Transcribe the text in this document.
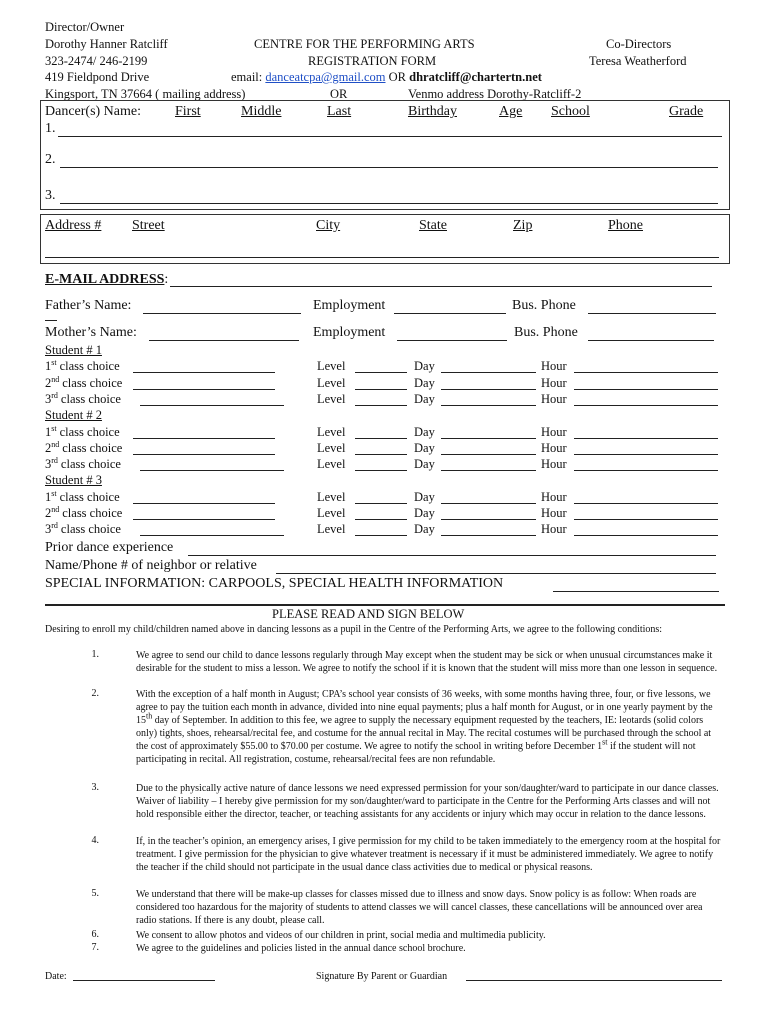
Director/Owner
Dorothy Hanner Ratcliff
323-2474/ 246-2199
419 Fieldpond Drive
Kingsport, TN 37664 ( mailing address)
CENTRE FOR THE PERFORMING ARTS
REGISTRATION FORM
email: danceatcpa@gmail.com OR dhratcliff@chartertn.net
OR	Venmo address Dorothy-Ratcliff-2
Co-Directors
Teresa Weatherford
Dancer(s) Name: First	Middle	Last	Birthday	Age School	Grade
1.
2.
3.
Address # Street	City	State	Zip	Phone
E-MAIL ADDRESS:
Father’s Name:	Employment	Bus. Phone
Mother’s Name:	Employment	Bus. Phone
Student # 1
1st class choice	Level	Day	Hour
2nd class choice	Level	Day	Hour
3rd class choice	Level	Day	Hour
Student # 2
1st class choice	Level	Day	Hour
2nd class choice	Level	Day	Hour
3rd class choice	Level	Day	Hour
Student # 3
1st class choice	Level	Day	Hour
2nd class choice	Level	Day	Hour
3rd class choice	Level	Day	Hour
Prior dance experience
Name/Phone # of neighbor or relative
SPECIAL INFORMATION: CARPOOLS, SPECIAL HEALTH INFORMATION
PLEASE READ AND SIGN BELOW
Desiring to enroll my child/children named above in dancing lessons as a pupil in the Centre of the Performing Arts, we agree to the following conditions:
1.	We agree to send our child to dance lessons regularly through May except when the student may be sick or when unusual circumstances make it desirable for the student to miss a lesson. We agree to notify the school if it is known that the student will miss more than one lesson in sequence.
2.	With the exception of a half month in August; CPA’s school year consists of 36 weeks, with some months having three, four, or five lessons, we agree to pay the tuition each month in advance, divided into nine equal payments; plus a half month for August, or in one yearly payment by the 15th day of September. In addition to this fee, we agree to supply the necessary equipment requested by the teachers, IE: leotards (solid colors only) tights, shoes, rehearsal/recital fee, and costume for the annual recital in May. The recital costumes will be purchased through the school at the cost of approximately $55.00 to $70.00 per costume. We agree to notify the school in writing before December 1st if the student will not participating in recital. All registration, costume, rehearsal/recital fees are non refundable.
3.	Due to the physically active nature of dance lessons we need expressed permission for your son/daughter/ward to participate in our dance classes. Waiver of liability – I hereby give permission for my son/daughter/ward to participate in the Centre for the Performing Arts classes and will not hold responsible either the director, teacher, or teaching assistants for any accidents or injury which may occur in relation to the dance lessons.
4.	If, in the teacher’s opinion, an emergency arises, I give permission for my child to be taken immediately to the emergency room at the hospital for treatment. I give permission for the physician to give whatever treatment is necessary if it must be administered immediately. We agree to notify the teacher if the child should not participate in the usual dance class activities due to medical or physical reasons.
5.	We understand that there will be make-up classes for classes missed due to illness and snow days. Snow policy is as follow: When roads are considered too hazardous for the majority of students to attend classes we will cancel classes, these cancellations will be announced over area radio stations. If there is any doubt, please call.
6.	We consent to allow photos and videos of our children in print, social media and multimedia publicity.
7.	We agree to the guidelines and policies listed in the annual dance school brochure.
Date:	Signature By Parent or Guardian
